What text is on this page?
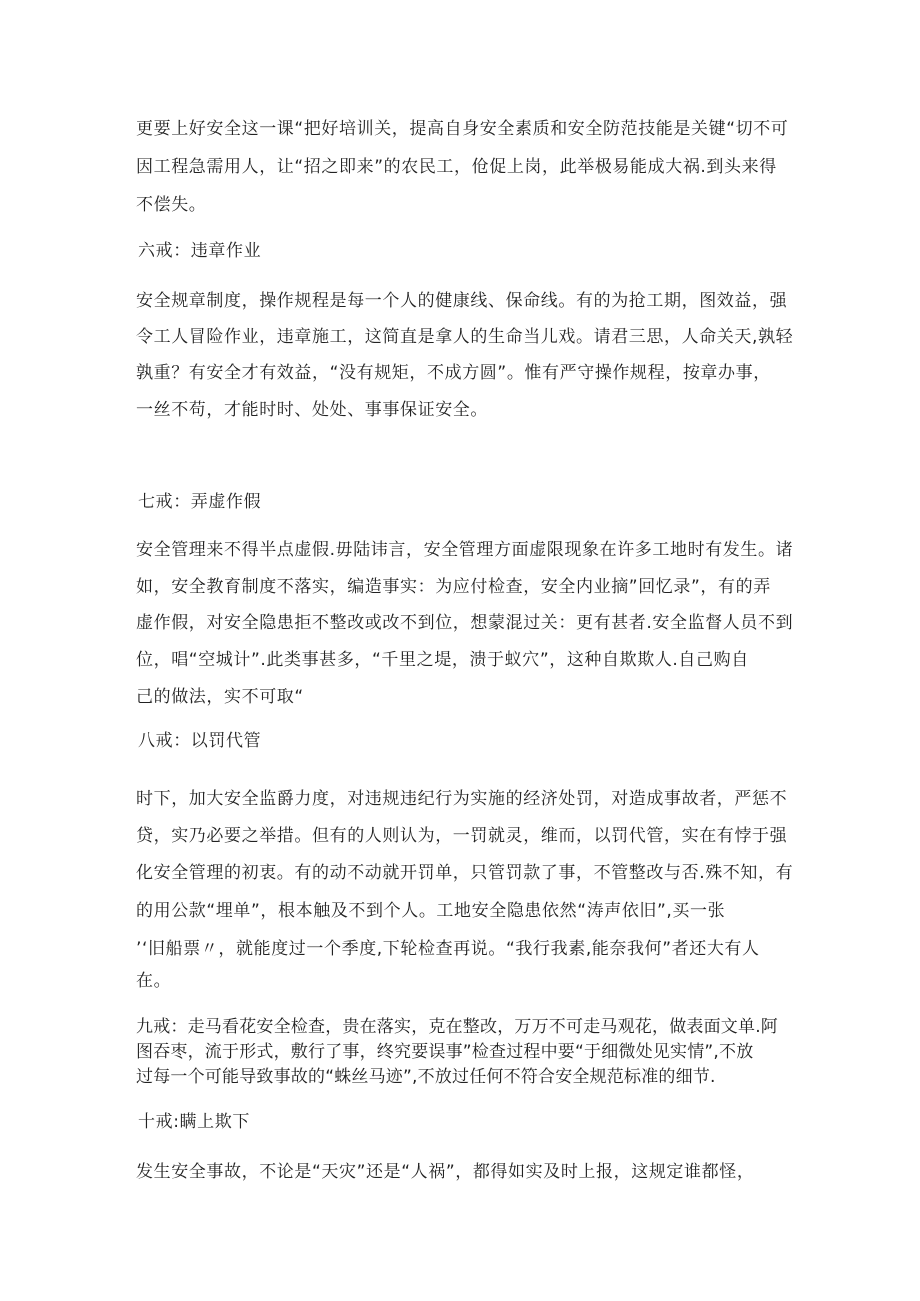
更要上好安全这一课“把好培训关，提高自身安全素质和安全防范技能是关键“切不可

因工程急需用人，让“招之即来”的农民工，伧促上岗，此举极易能成大祸.到头来得

不偿失。

六戒：违章作业

安全规章制度，操作规程是每一个人的健康线、保命线。有的为抢工期，图效益，强

令工人冒险作业，违章施工，这简直是拿人的生命当儿戏。请君三思，人命关天,孰轻

孰重？有安全才有效益，“没有规矩，不成方圆”。惟有严守操作规程，按章办事，

一丝不苟，才能时时、处处、事事保证安全。

七戒：弄虚作假

安全管理来不得半点虚假.毋陆讳言，安全管理方面虚限现象在许多工地时有发生。诸

如，安全教育制度不落实，编造事实：为应付检查，安全内业摘”回忆录”，有的弄

虚作假，对安全隐患拒不整改或改不到位，想蒙混过关：更有甚者.安全监督人员不到

位，唱“空城计”.此类事甚多，“千里之堤，溃于蚁穴”，这种自欺欺人.自己购自

己的做法，实不可取“

八戒：以罚代管

时下，加大安全监爵力度，对违规违纪行为实施的经济处罚，对造成事故者，严惩不

贷，实乃必要之举措。但有的人则认为，一罚就灵，维而，以罚代管，实在有悖于强

化安全管理的初衷。有的动不动就开罚单，只管罚款了事，不管整改与否.殊不知，有

的用公款“埋单”，根本触及不到个人。工地安全隐患依然“涛声依旧”,买一张

’‘旧船票〃，就能度过一个季度,下轮检查再说。“我行我素,能奈我何”者还大有人

在。

九戒：走马看花安全检查，贵在落实，克在整改，万万不可走马观花，做表面文单.阿

图吞枣，流于形式，敷行了事，终究要误事”检查过程中要“于细微处见实情”,不放

过每一个可能导致事故的“蛛丝马迹”,不放过任何不符合安全规范标准的细节.

十戒:瞒上欺下

发生安全事故，不论是“天灾”还是“人祸”，都得如实及时上报，这规定谁都怪，
